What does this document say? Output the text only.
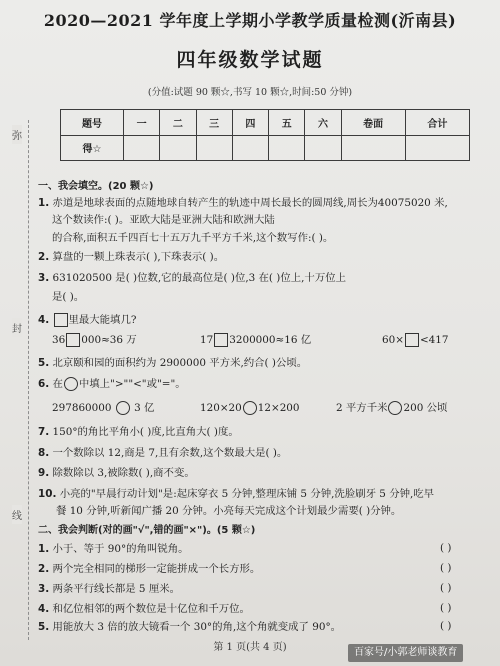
弥
封
线
2020—2021 学年度上学期小学教学质量检测(沂南县)
四年级数学试题
(分值:试题 90 颗☆,书写 10 颗☆,时间:50 分钟)
题号	一	二	三	四	五	六	卷面	合计
得☆								
一、我会填空。(20 颗☆)
1. 赤道是地球表面的点随地球自转产生的轨迹中周长最长的圆周线,周长为40075020 米,
这个数读作:( )。亚欧大陆是亚洲大陆和欧洲大陆
的合称,面积五千四百七十五万九千平方千米,这个数写作:( )。
2. 算盘的一颗上珠表示( ),下珠表示( )。
3. 631020500 是( )位数,它的最高位是( )位,3 在( )位上,十万位上
是( )。
4. 里最大能填几?
36 000≈36 万	17 3200000≈16 亿	60× <417
5. 北京颐和园的面积约为 2900000 平方米,约合( )公顷。
6. 在 中填上">""<"或"="。
297860000 3 亿	120×20 12×200	2 平方千米 200 公顷
7. 150°的角比平角小( )度,比直角大( )度。
8. 一个数除以 12,商是 7,且有余数,这个数最大是( )。
9. 除数除以 3,被除数( ),商不变。
10. 小亮的"早晨行动计划"是:起床穿衣 5 分钟,整理床铺 5 分钟,洗脸刷牙 5 分钟,吃早
餐 10 分钟,听新闻广播 20 分钟。小亮每天完成这个计划最少需要( )分钟。
二、我会判断(对的画"√",错的画"×")。(5 颗☆)
1. 小于、等于 90°的角叫锐角。	( )
2. 两个完全相同的梯形一定能拼成一个长方形。	( )
3. 两条平行线长都是 5 厘米。	( )
4. 和亿位相邻的两个数位是十亿位和千万位。	( )
5. 用能放大 3 倍的放大镜看一个 30°的角,这个角就变成了 90°。	( )
第 1 页(共 4 页)	百家号/小郭老师谈教育
